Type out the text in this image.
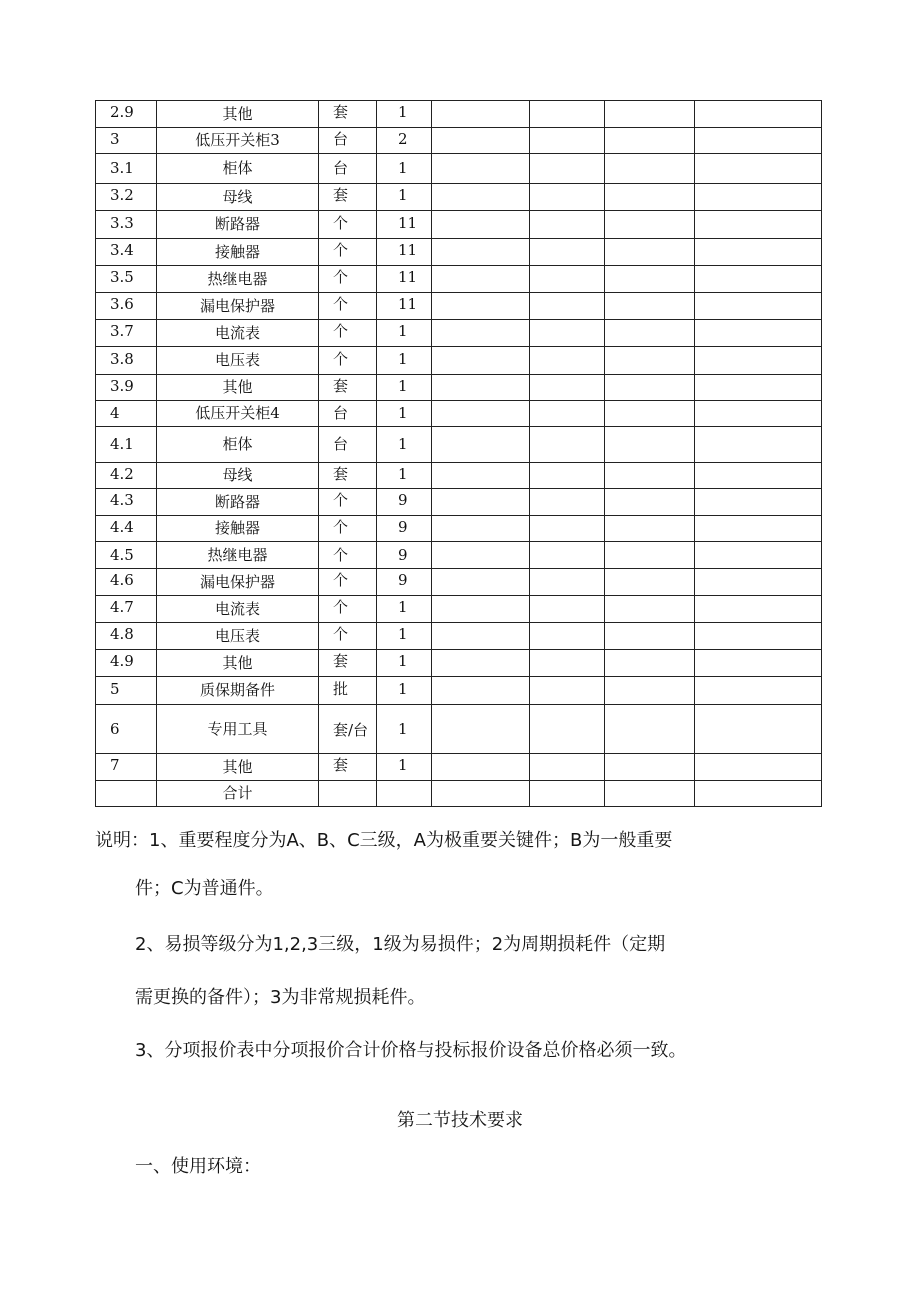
2.9	其他	套	1				
3	低压开关柜3	台	2				
3.1	柜体	台	1				
3.2	母线	套	1				
3.3	断路器	个	11				
3.4	接触器	个	11				
3.5	热继电器	个	11				
3.6	漏电保护器	个	11				
3.7	电流表	个	1				
3.8	电压表	个	1				
3.9	其他	套	1				
4	低压开关柜4	台	1				
4.1	柜体	台	1				
4.2	母线	套	1				
4.3	断路器	个	9				
4.4	接触器	个	9				
4.5	热继电器	个	9				
4.6	漏电保护器	个	9				
4.7	电流表	个	1				
4.8	电压表	个	1				
4.9	其他	套	1				
5	质保期备件	批	1				
6	专用工具	套/台	1				
7	其他	套	1				
	合计						

说明：1、重要程度分为A、B、C三级，A为极重要关键件；B为一般重要

件；C为普通件。

2、易损等级分为1,2,3三级，1级为易损件；2为周期损耗件（定期

需更换的备件）；3为非常规损耗件。

3、分项报价表中分项报价合计价格与投标报价设备总价格必须一致。

第二节技术要求

一、使用环境：
